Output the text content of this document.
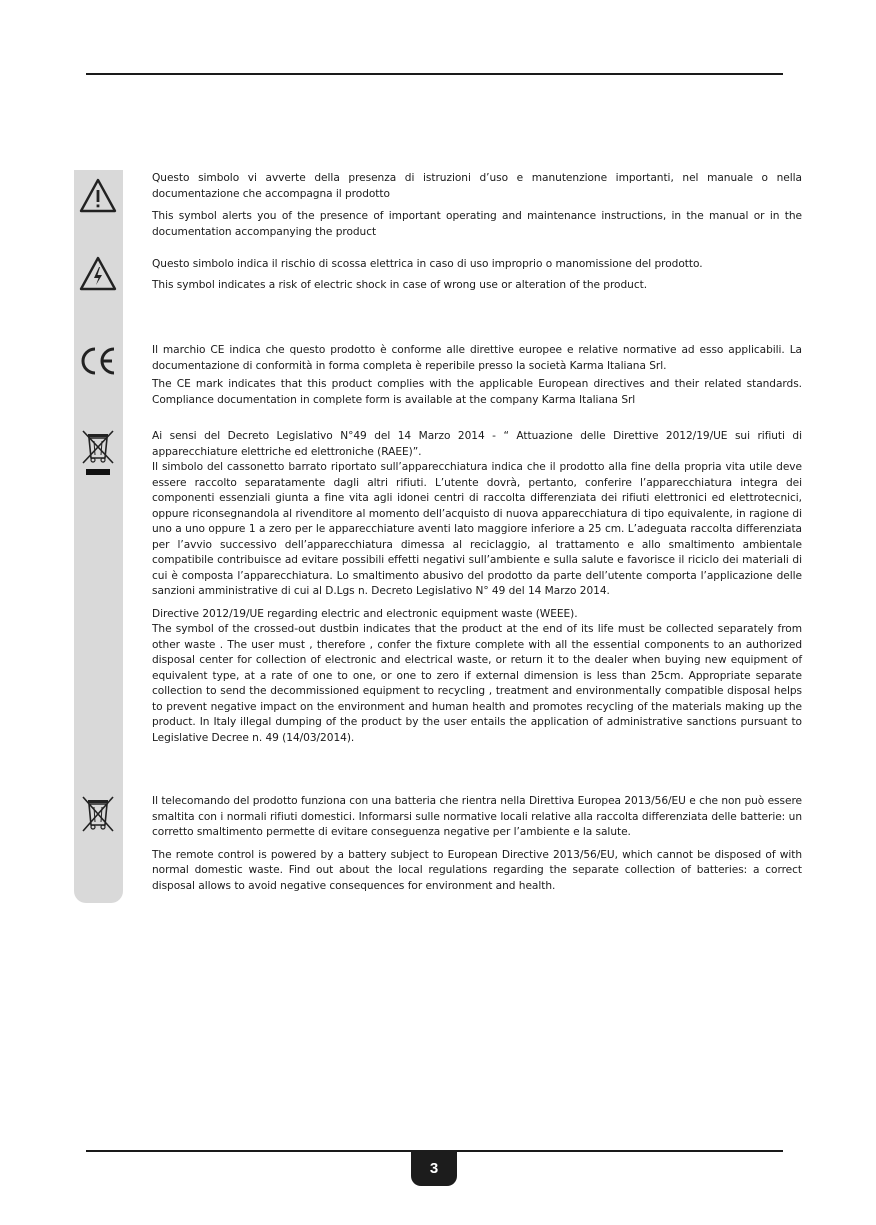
Questo simbolo vi avverte della presenza di istruzioni d’uso e manutenzione importanti, nel manuale o nella documentazione che accompagna il prodotto

This symbol alerts you of the presence of important operating and maintenance instructions, in the manual or in the documentation accompanying the product

Questo simbolo indica il rischio di scossa elettrica in caso di uso improprio o manomissione del prodotto.

This symbol indicates a risk of electric shock in case of wrong use or alteration of the product.

Il marchio CE indica che questo prodotto è conforme alle direttive europee e relative normative ad esso applicabili. La documentazione di conformità in forma completa è reperibile presso la società Karma Italiana Srl.

The CE mark indicates that this product complies with the applicable European directives and their related standards. Compliance documentation in complete form is available at the company Karma Italiana Srl

Ai sensi del Decreto Legislativo N°49 del 14 Marzo 2014 - “ Attuazione delle Direttive 2012/19/UE sui rifiuti di apparecchiature elettriche ed elettroniche (RAEE)”.

Il simbolo del cassonetto barrato riportato sull’apparecchiatura indica che il prodotto alla fine della propria vita utile deve essere raccolto separatamente dagli altri rifiuti. L’utente dovrà, pertanto, conferire l’apparecchiatura integra dei componenti essenziali giunta a fine vita agli idonei centri di raccolta differenziata dei rifiuti elettronici ed elettrotecnici, oppure riconsegnandola al rivenditore al momento dell’acquisto di nuova apparecchiatura di tipo equivalente, in ragione di uno a uno oppure 1 a zero per le apparecchiature aventi lato maggiore inferiore a 25 cm. L’adeguata raccolta differenziata per l’avvio successivo dell’apparecchiatura dimessa al reciclaggio, al trattamento e allo smaltimento ambientale compatibile contribuisce ad evitare possibili effetti negativi sull’ambiente e sulla salute e favorisce il riciclo dei materiali di cui è composta l’apparecchiatura. Lo smaltimento abusivo del prodotto da parte dell’utente comporta l’applicazione delle sanzioni amministrative di cui al D.Lgs n. Decreto Legislativo N° 49 del 14 Marzo 2014.

Directive 2012/19/UE regarding electric and electronic equipment waste (WEEE).

The symbol of the crossed-out dustbin indicates that the product at the end of its life must be collected separately from other waste . The user must , therefore , confer the fixture complete with all the essential components to an authorized disposal center for collection of electronic and electrical waste, or return it to the dealer when buying new equipment of equivalent type, at a rate of one to one, or one to zero if external dimension is less than 25cm. Appropriate separate collection to send the decommissioned equipment to recycling , treatment and environmentally compatible disposal helps to prevent negative impact on the environment and human health and promotes recycling of the materials making up the product. In Italy illegal dumping of the product by the user entails the application of administrative sanctions pursuant to Legislative Decree n. 49 (14/03/2014).

Il telecomando del prodotto funziona con una batteria che rientra nella Direttiva Europea 2013/56/EU e che non può essere smaltita con i normali rifiuti domestici. Informarsi sulle normative locali relative alla raccolta differenziata delle batterie: un corretto smaltimento permette di evitare conseguenza negative per l’ambiente e la salute.

The remote control is powered by a battery subject to European Directive 2013/56/EU, which cannot be disposed of with normal domestic waste. Find out about the local regulations regarding the separate collection of batteries: a correct disposal allows to avoid negative consequences for environment and health.

3
